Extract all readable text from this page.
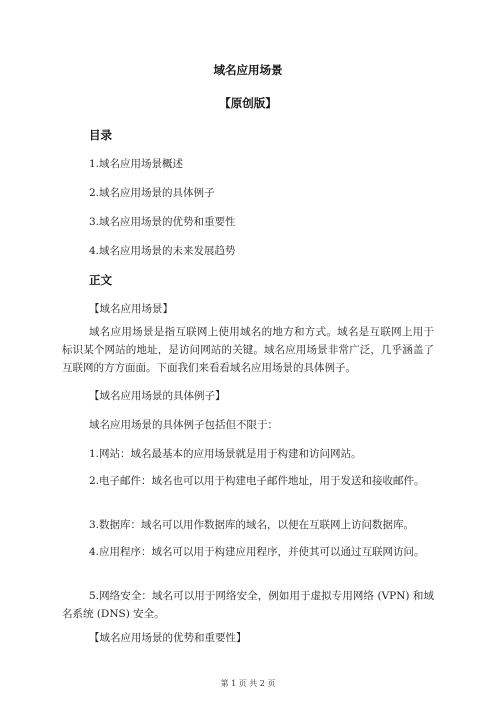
域名应用场景
【原创版】
目录
1.域名应用场景概述
2.域名应用场景的具体例子
3.域名应用场景的优势和重要性
4.域名应用场景的未来发展趋势
正文
【域名应用场景】
域名应用场景是指互联网上使用域名的地方和方式。域名是互联网上用于标识某个网站的地址，是访问网站的关键。域名应用场景非常广泛，几乎涵盖了互联网的方方面面。下面我们来看看域名应用场景的具体例子。
【域名应用场景的具体例子】
域名应用场景的具体例子包括但不限于：
1.网站：域名最基本的应用场景就是用于构建和访问网站。
2.电子邮件：域名也可以用于构建电子邮件地址，用于发送和接收邮件。
3.数据库：域名可以用作数据库的域名，以便在互联网上访问数据库。
4.应用程序：域名可以用于构建应用程序，并使其可以通过互联网访问。
5.网络安全：域名可以用于网络安全，例如用于虚拟专用网络 (VPN) 和域名系统 (DNS) 安全。
【域名应用场景的优势和重要性】
第 1 页 共 2 页
